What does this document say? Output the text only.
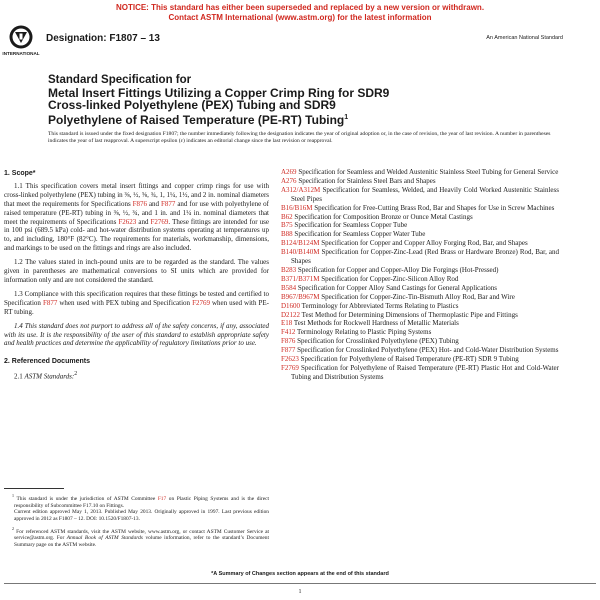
NOTICE: This standard has either been superseded and replaced by a new version or withdrawn.
Contact ASTM International (www.astm.org) for the latest information
INTERNATIONAL
Designation: F1807 – 13	An American National Standard
Standard Specification for
Metal Insert Fittings Utilizing a Copper Crimp Ring for SDR9
Cross-linked Polyethylene (PEX) Tubing and SDR9
Polyethylene of Raised Temperature (PE-RT) Tubing$^1$
This standard is issued under the fixed designation F1807; the number immediately following the designation indicates the year of original adoption or, in the case of revision, the year of last revision. A number in parentheses indicates the year of last reapproval. A superscript epsilon (ε) indicates an editorial change since the last revision or reapproval.
1. Scope*

1.1 This specification covers metal insert fittings and copper crimp rings for use with cross-linked polyethylene (PEX) tubing in ⅜, ½, ⅝, ¾, 1, 1¼, 1½, and 2 in. nominal diameters that meet the requirements for Specifications F876 and F877 and for use with polyethylene of raised temperature (PE-RT) tubing in ⅜, ½, ¾, and 1 in. and 1¼ in. nominal diameters that meet the requirements of Specifications F2623 and F2769. These fittings are intended for use in 100 psi (689.5 kPa) cold- and hot-water distribution systems operating at temperatures up to, and including, 180°F (82°C). The requirements for materials, workmanship, dimensions, and markings to be used on the fittings and rings are also included.

1.2 The values stated in inch-pound units are to be regarded as the standard. The values given in parentheses are mathematical conversions to SI units which are provided for information only and are not considered the standard.

1.3 Compliance with this specification requires that these fittings be tested and certified to Specification F877 when used with PEX tubing and Specification F2769 when used with PE-RT tubing.

1.4 This standard does not purport to address all of the safety concerns, if any, associated with its use. It is the responsibility of the user of this standard to establish appropriate safety and health practices and determine the applicability of regulatory limitations prior to use.

2. Referenced Documents

2.1 ASTM Standards:$^2$

A269 Specification for Seamless and Welded Austenitic Stainless Steel Tubing for General Service
A276 Specification for Stainless Steel Bars and Shapes
A312/A312M Specification for Seamless, Welded, and Heavily Cold Worked Austenitic Stainless Steel Pipes
B16/B16M Specification for Free-Cutting Brass Rod, Bar and Shapes for Use in Screw Machines
B62 Specification for Composition Bronze or Ounce Metal Castings
B75 Specification for Seamless Copper Tube
B88 Specification for Seamless Copper Water Tube
B124/B124M Specification for Copper and Copper Alloy Forging Rod, Bar, and Shapes
B140/B140M Specification for Copper-Zinc-Lead (Red Brass or Hardware Bronze) Rod, Bar, and Shapes
B283 Specification for Copper and Copper-Alloy Die Forgings (Hot-Pressed)
B371/B371M Specification for Copper-Zinc-Silicon Alloy Rod
B584 Specification for Copper Alloy Sand Castings for General Applications
B967/B967M Specification for Copper-Zinc-Tin-Bismuth Alloy Rod, Bar and Wire
D1600 Terminology for Abbreviated Terms Relating to Plastics
D2122 Test Method for Determining Dimensions of Thermoplastic Pipe and Fittings
E18 Test Methods for Rockwell Hardness of Metallic Materials
F412 Terminology Relating to Plastic Piping Systems
F876 Specification for Crosslinked Polyethylene (PEX) Tubing
F877 Specification for Crosslinked Polyethylene (PEX) Hot- and Cold-Water Distribution Systems
F2623 Specification for Polyethylene of Raised Temperature (PE-RT) SDR 9 Tubing
F2769 Specification for Polyethylene of Raised Temperature (PE-RT) Plastic Hot and Cold-Water Tubing and Distribution Systems
$^1$ This standard is under the jurisdiction of ASTM Committee F17 on Plastic Piping Systems and is the direct responsibility of Subcommittee F17.10 on Fittings.
Current edition approved May 1, 2013. Published May 2013. Originally approved in 1997. Last previous edition approved in 2012 as F1807 – 12. DOI: 10.1520/F1807-13.
$^2$ For referenced ASTM standards, visit the ASTM website, www.astm.org, or contact ASTM Customer Service at service@astm.org. For Annual Book of ASTM Standards volume information, refer to the standard’s Document Summary page on the ASTM website.
*A Summary of Changes section appears at the end of this standard
1
